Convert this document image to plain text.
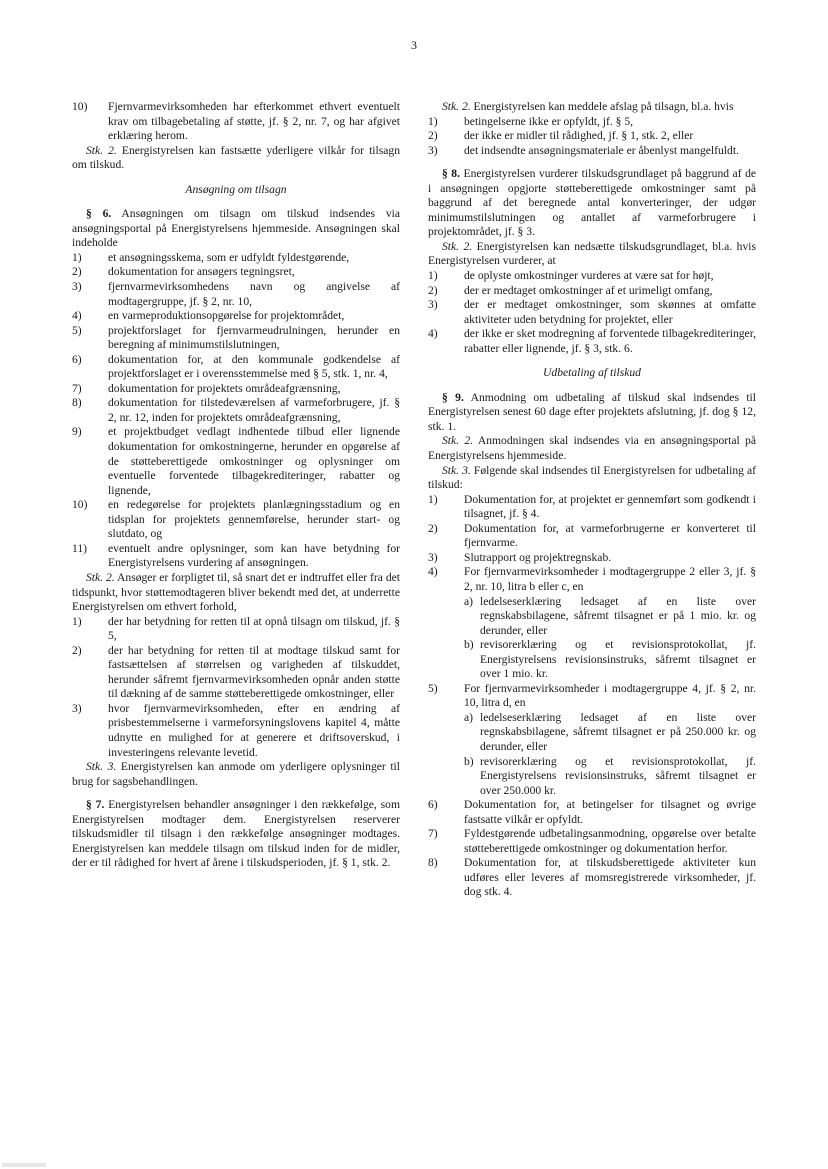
3
10)	Fjernvarmevirksomheden har efterkommet ethvert eventuelt krav om tilbagebetaling af støtte, jf. § 2, nr. 7, og har afgivet erklæring herom.

Stk. 2. Energistyrelsen kan fastsætte yderligere vilkår for tilsagn om tilskud.

Ansøgning om tilsagn

§ 6. Ansøgningen om tilsagn om tilskud indsendes via ansøgningsportal på Energistyrelsens hjemmeside. Ansøgningen skal indeholde

1)	et ansøgningsskema, som er udfyldt fyldestgørende,
2)	dokumentation for ansøgers tegningsret,
3)	fjernvarmevirksomhedens navn og angivelse af modtagergruppe, jf. § 2, nr. 10,
4)	en varmeproduktionsopgørelse for projektområdet,
5)	projektforslaget for fjernvarmeudrulningen, herunder en beregning af minimumstilslutningen,
6)	dokumentation for, at den kommunale godkendelse af projektforslaget er i overensstemmelse med § 5, stk. 1, nr. 4,
7)	dokumentation for projektets områdeafgrænsning,
8)	dokumentation for tilstedeværelsen af varmeforbrugere, jf. § 2, nr. 12, inden for projektets områdeafgrænsning,
9)	et projektbudget vedlagt indhentede tilbud eller lignende dokumentation for omkostningerne, herunder en opgørelse af de støtteberettigede omkostninger og oplysninger om eventuelle forventede tilbagekrediteringer, rabatter og lignende,
10)	en redegørelse for projektets planlægningsstadium og en tidsplan for projektets gennemførelse, herunder start- og slutdato, og
11)	eventuelt andre oplysninger, som kan have betydning for Energistyrelsens vurdering af ansøgningen.

Stk. 2. Ansøger er forpligtet til, så snart det er indtruffet eller fra det tidspunkt, hvor støttemodtageren bliver bekendt med det, at underrette Energistyrelsen om ethvert forhold,

1)	der har betydning for retten til at opnå tilsagn om tilskud, jf. § 5,
2)	der har betydning for retten til at modtage tilskud samt for fastsættelsen af størrelsen og varigheden af tilskuddet, herunder såfremt fjernvarmevirksomheden opnår anden støtte til dækning af de samme støtteberettigede omkostninger, eller
3)	hvor fjernvarmevirksomheden, efter en ændring af prisbestemmelserne i varmeforsyningslovens kapitel 4, måtte udnytte en mulighed for at generere et driftsoverskud, i investeringens relevante levetid.

Stk. 3. Energistyrelsen kan anmode om yderligere oplysninger til brug for sagsbehandlingen.

§ 7. Energistyrelsen behandler ansøgninger i den rækkefølge, som Energistyrelsen modtager dem. Energistyrelsen reserverer tilskudsmidler til tilsagn i den rækkefølge ansøgninger modtages. Energistyrelsen kan meddele tilsagn om tilskud inden for de midler, der er til rådighed for hvert af årene i tilskudsperioden, jf. § 1, stk. 2.

Stk. 2. Energistyrelsen kan meddele afslag på tilsagn, bl.a. hvis

1)	betingelserne ikke er opfyldt, jf. § 5,
2)	der ikke er midler til rådighed, jf. § 1, stk. 2, eller
3)	det indsendte ansøgningsmateriale er åbenlyst mangelfuldt.

§ 8. Energistyrelsen vurderer tilskudsgrundlaget på baggrund af de i ansøgningen opgjorte støtteberettigede omkostninger samt på baggrund af det beregnede antal konverteringer, der udgør minimumstilslutningen og antallet af varmeforbrugere i projektområdet, jf. § 3.

Stk. 2. Energistyrelsen kan nedsætte tilskudsgrundlaget, bl.a. hvis Energistyrelsen vurderer, at

1)	de oplyste omkostninger vurderes at være sat for højt,
2)	der er medtaget omkostninger af et urimeligt omfang,
3)	der er medtaget omkostninger, som skønnes at omfatte aktiviteter uden betydning for projektet, eller
4)	der ikke er sket modregning af forventede tilbagekrediteringer, rabatter eller lignende, jf. § 3, stk. 6.

Udbetaling af tilskud

§ 9. Anmodning om udbetaling af tilskud skal indsendes til Energistyrelsen senest 60 dage efter projektets afslutning, jf. dog § 12, stk. 1.

Stk. 2. Anmodningen skal indsendes via en ansøgningsportal på Energistyrelsens hjemmeside.

Stk. 3. Følgende skal indsendes til Energistyrelsen for udbetaling af tilskud:

1)	Dokumentation for, at projektet er gennemført som godkendt i tilsagnet, jf. § 4.
2)	Dokumentation for, at varmeforbrugerne er konverteret til fjernvarme.
3)	Slutrapport og projektregnskab.
4)	For fjernvarmevirksomheder i modtagergruppe 2 eller 3, jf. § 2, nr. 10, litra b eller c, en
a) ledelseserklæring ledsaget af en liste over regnskabsbilagene, såfremt tilsagnet er på 1 mio. kr. og derunder, eller
b) revisorerklæring og et revisionsprotokollat, jf. Energistyrelsens revisionsinstruks, såfremt tilsagnet er over 1 mio. kr.
5)	For fjernvarmevirksomheder i modtagergruppe 4, jf. § 2, nr. 10, litra d, en
a) ledelseserklæring ledsaget af en liste over regnskabsbilagene, såfremt tilsagnet er på 250.000 kr. og derunder, eller
b) revisorerklæring og et revisionsprotokollat, jf. Energistyrelsens revisionsinstruks, såfremt tilsagnet er over 250.000 kr.
6)	Dokumentation for, at betingelser for tilsagnet og øvrige fastsatte vilkår er opfyldt.
7)	Fyldestgørende udbetalingsanmodning, opgørelse over betalte støtteberettigede omkostninger og dokumentation herfor.
8)	Dokumentation for, at tilskudsberettigede aktiviteter kun udføres eller leveres af momsregistrerede virksomheder, jf. dog stk. 4.
